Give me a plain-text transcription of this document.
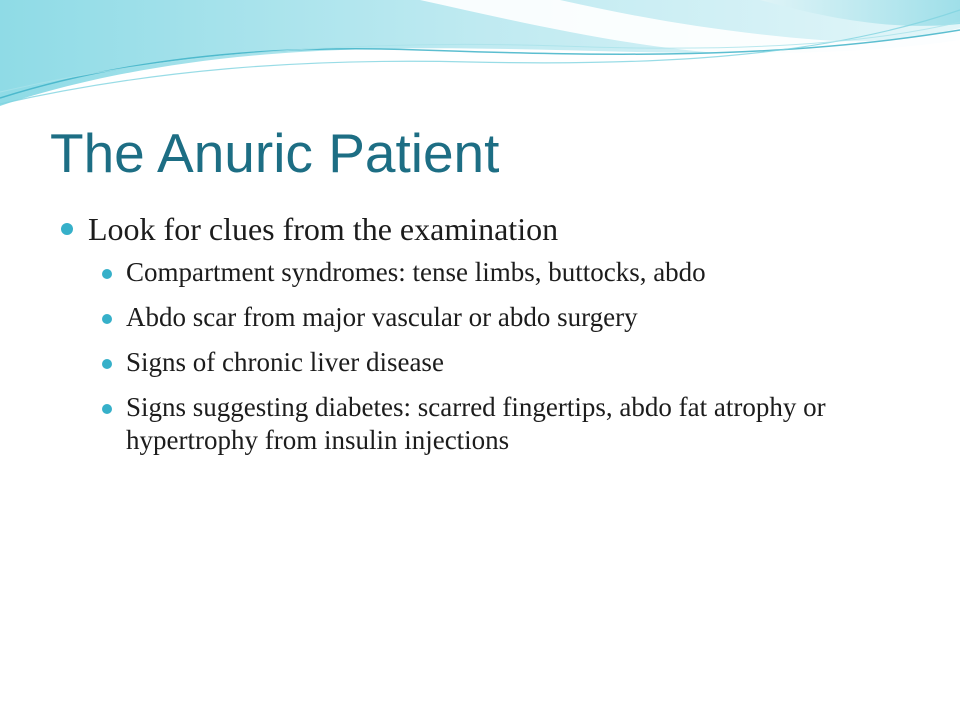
The Anuric Patient
Look for clues from the examination
Compartment syndromes: tense limbs, buttocks, abdo
Abdo scar from major vascular or abdo surgery
Signs of chronic liver disease
Signs suggesting diabetes: scarred fingertips, abdo fat atrophy or hypertrophy from insulin injections
